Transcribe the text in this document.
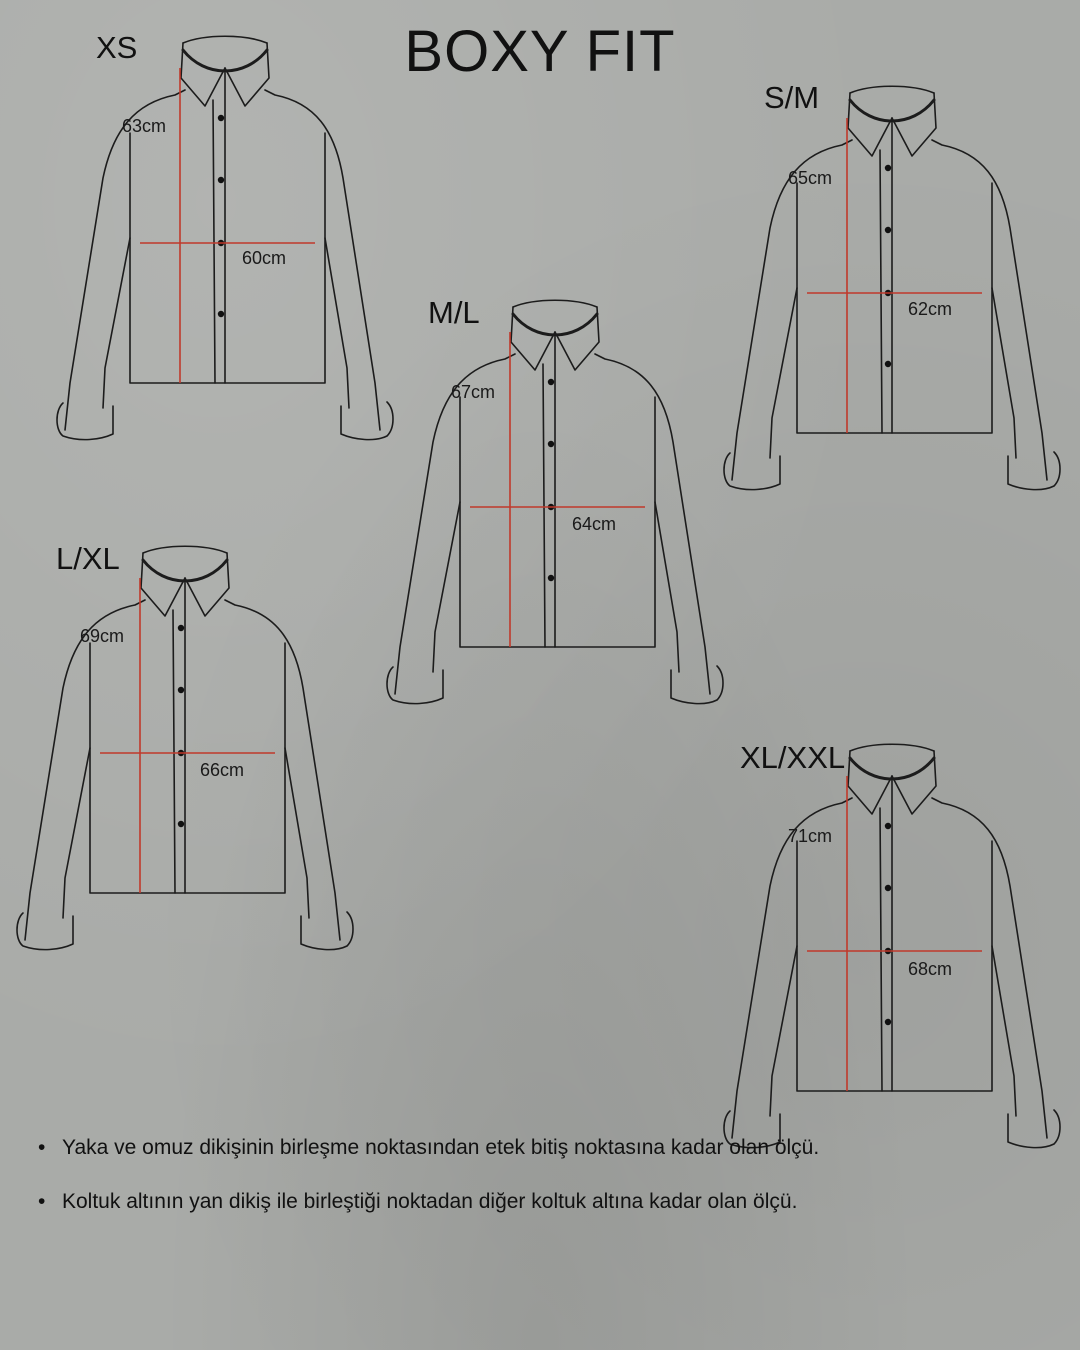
BOXY FIT
XS
63cm
60cm
S/M
65cm
62cm
M/L
67cm
64cm
L/XL
69cm
66cm	XL/XXL
71cm
68cm
• Yaka ve omuz dikişinin birleşme noktasından etek bitiş noktasına kadar olan ölçü.
• Koltuk altının yan dikiş ile birleştiği noktadan diğer koltuk altına kadar olan ölçü.
